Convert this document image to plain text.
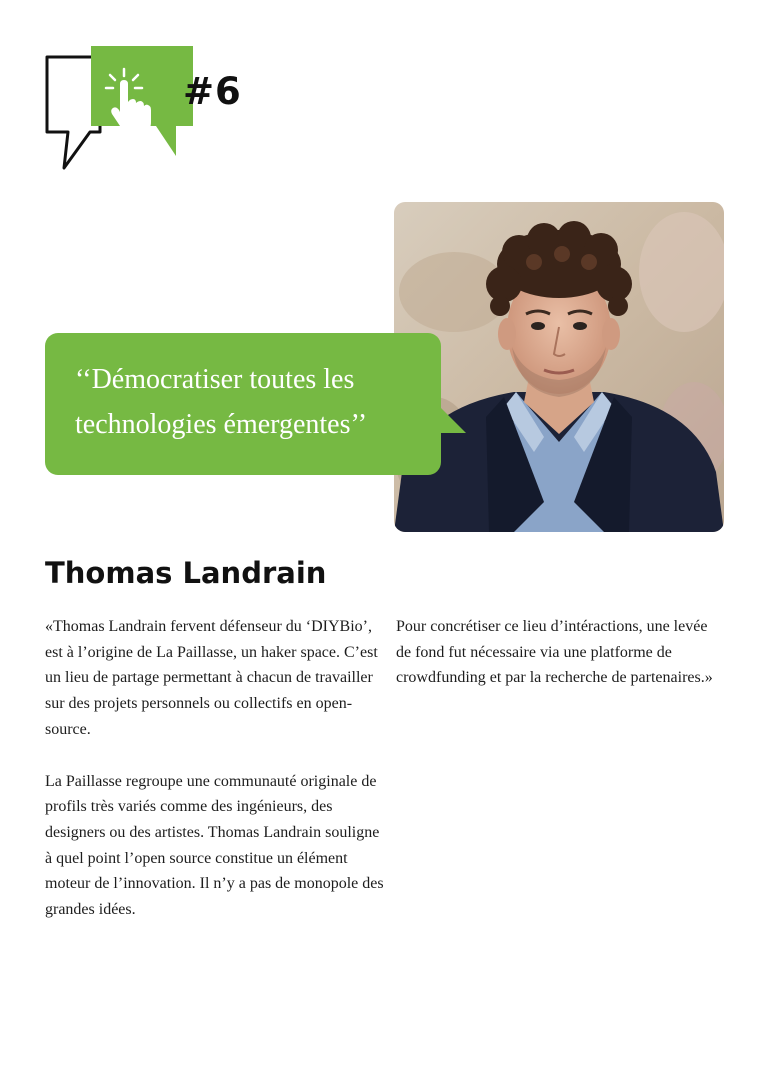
#6
‘‘Démocratiser toutes les technologies émergentes’’
Thomas Landrain

«Thomas Landrain fervent défenseur du ‘DIYBio’, est à l’origine de La Paillasse, un haker space. C’est un lieu de partage permettant à chacun de travailler sur des projets personnels ou collectifs en open-source.

La Paillasse regroupe une communauté originale de profils très variés comme des ingénieurs, des designers ou des artistes. Thomas Landrain souligne à quel point l’open source constitue un élément moteur de l’innovation. Il n’y a pas de monopole des grandes idées.

Pour concrétiser ce lieu d’intéractions, une levée de fond fut nécessaire via une platforme de crowdfunding et par la recherche de partenaires.»
